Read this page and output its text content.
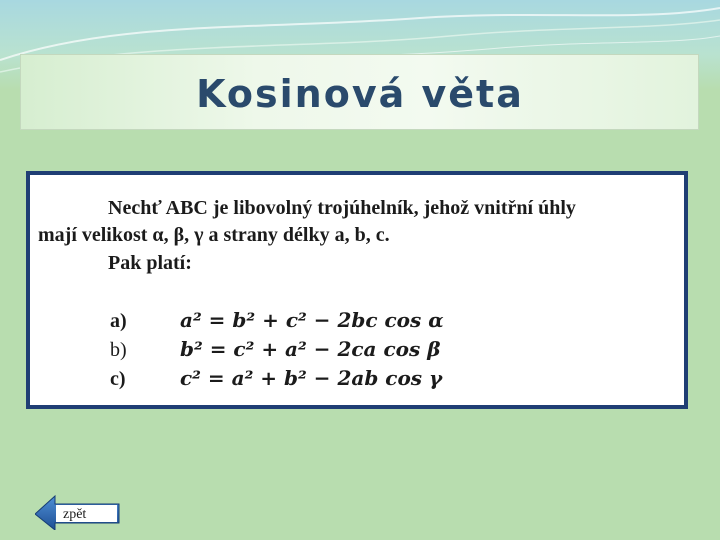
Kosinová věta

Nechť ABC je libovolný trojúhelník, jehož vnitřní úhly
mají velikost α, β, γ a strany délky a, b, c.

Pak platí:

a)	a² = b² + c² − 2bc cos α
b)	b² = c² + a² − 2ca cos β
c)	c² = a² + b² − 2ab cos γ
zpět
